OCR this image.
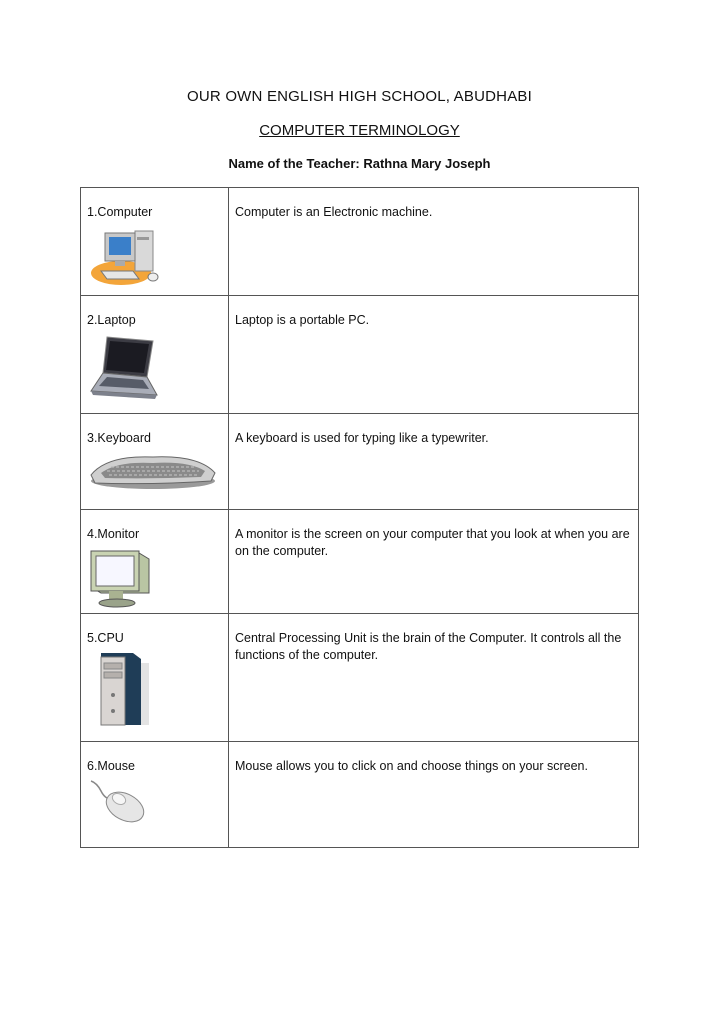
OUR OWN ENGLISH HIGH SCHOOL, ABUDHABI
COMPUTER TERMINOLOGY
Name of the Teacher: Rathna Mary Joseph
1.Computer	Computer is an Electronic machine.

2.Laptop	Laptop is a portable PC.

3.Keyboard	A keyboard is used for typing like a typewriter.

4.Monitor	A monitor is the screen on your computer that you look at when you are on the computer.

5.CPU	Central Processing Unit is the brain of the Computer. It controls all the functions of the computer.

6.Mouse	Mouse allows you to click on and choose things on your screen.
